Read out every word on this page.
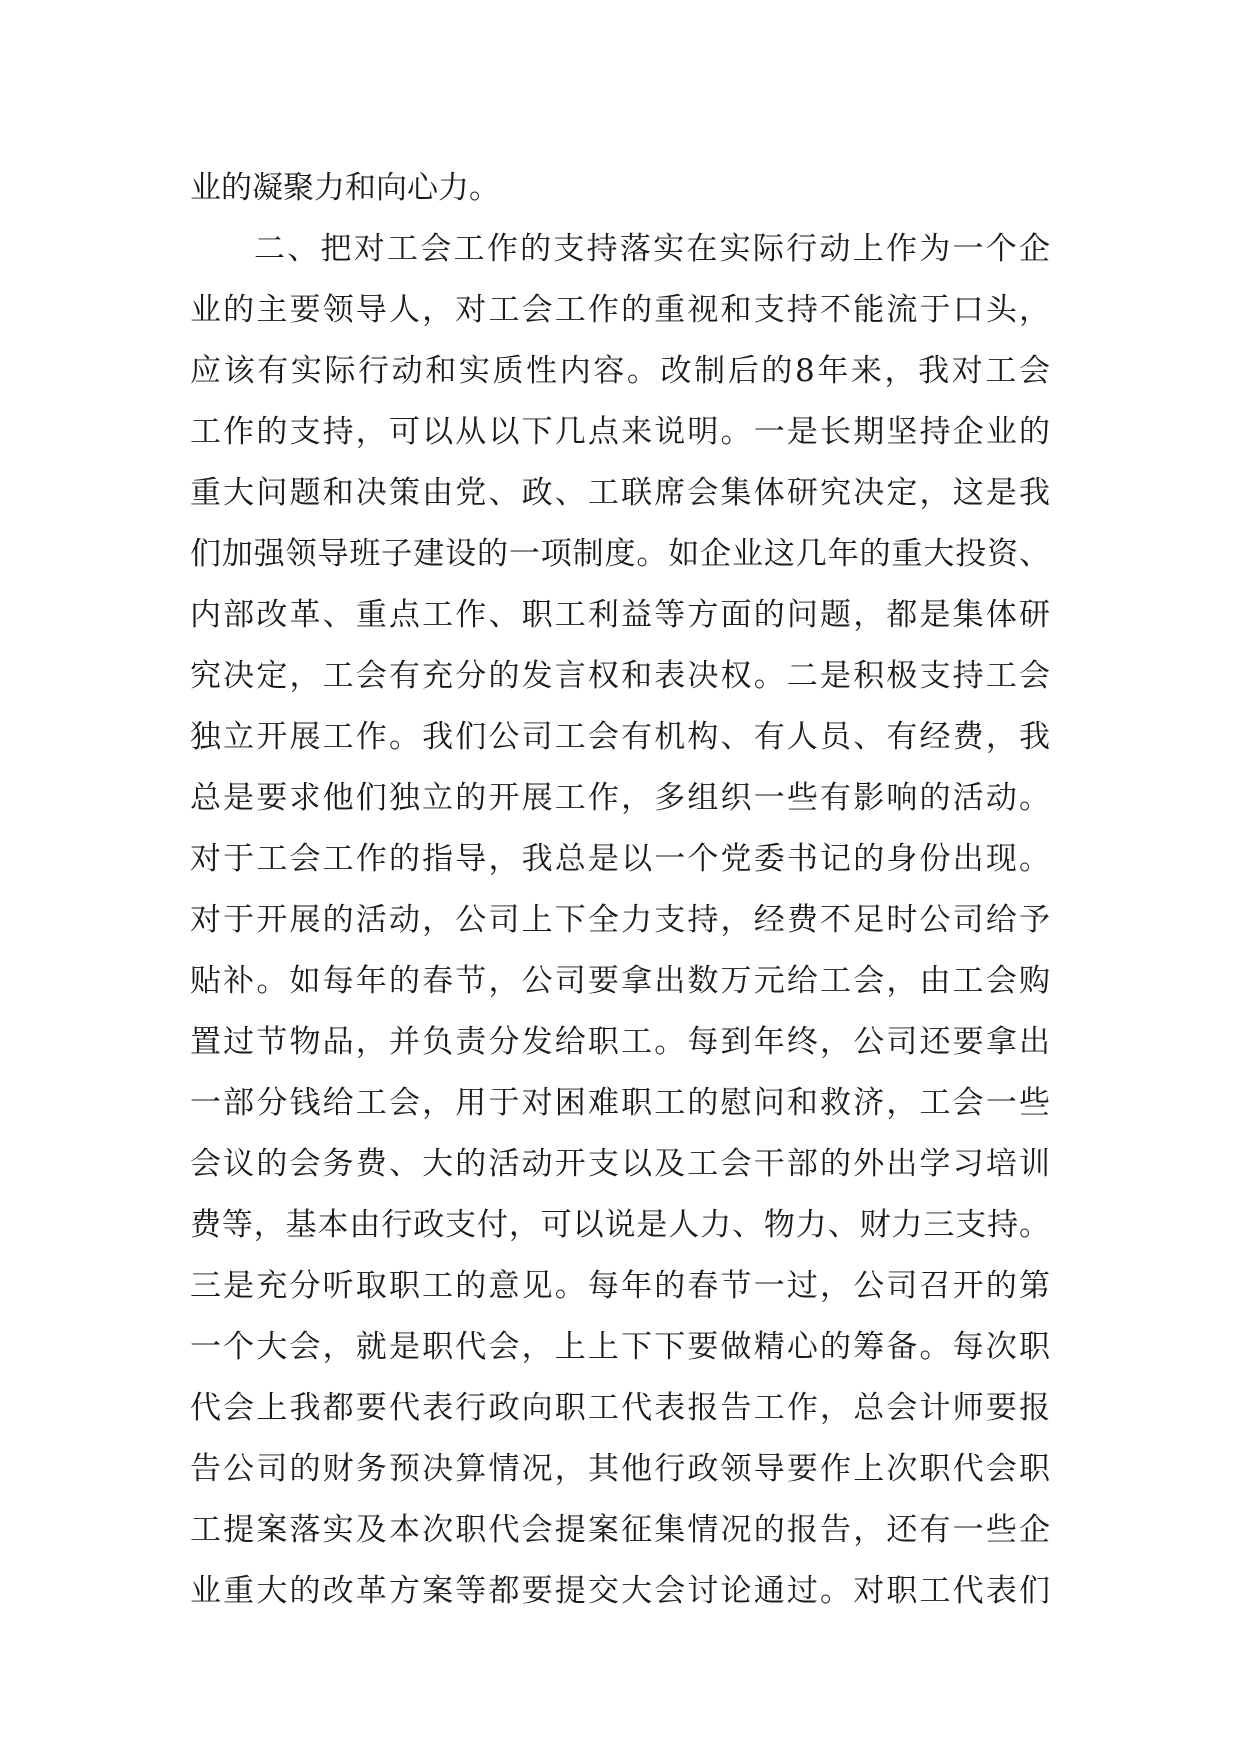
业的凝聚力和向心力。
二、把对工会工作的支持落实在实际行动上作为一个企
业的主要领导人，对工会工作的重视和支持不能流于口头，
应该有实际行动和实质性内容。改制后的8年来，我对工会
工作的支持，可以从以下几点来说明。一是长期坚持企业的
重大问题和决策由党、政、工联席会集体研究决定，这是我
们加强领导班子建设的一项制度。如企业这几年的重大投资、
内部改革、重点工作、职工利益等方面的问题，都是集体研
究决定，工会有充分的发言权和表决权。二是积极支持工会
独立开展工作。我们公司工会有机构、有人员、有经费，我
总是要求他们独立的开展工作，多组织一些有影响的活动。
对于工会工作的指导，我总是以一个党委书记的身份出现。
对于开展的活动，公司上下全力支持，经费不足时公司给予
贴补。如每年的春节，公司要拿出数万元给工会，由工会购
置过节物品，并负责分发给职工。每到年终，公司还要拿出
一部分钱给工会，用于对困难职工的慰问和救济，工会一些
会议的会务费、大的活动开支以及工会干部的外出学习培训
费等，基本由行政支付，可以说是人力、物力、财力三支持。
三是充分听取职工的意见。每年的春节一过，公司召开的第
一个大会，就是职代会，上上下下要做精心的筹备。每次职
代会上我都要代表行政向职工代表报告工作，总会计师要报
告公司的财务预决算情况，其他行政领导要作上次职代会职
工提案落实及本次职代会提案征集情况的报告，还有一些企
业重大的改革方案等都要提交大会讨论通过。对职工代表们
